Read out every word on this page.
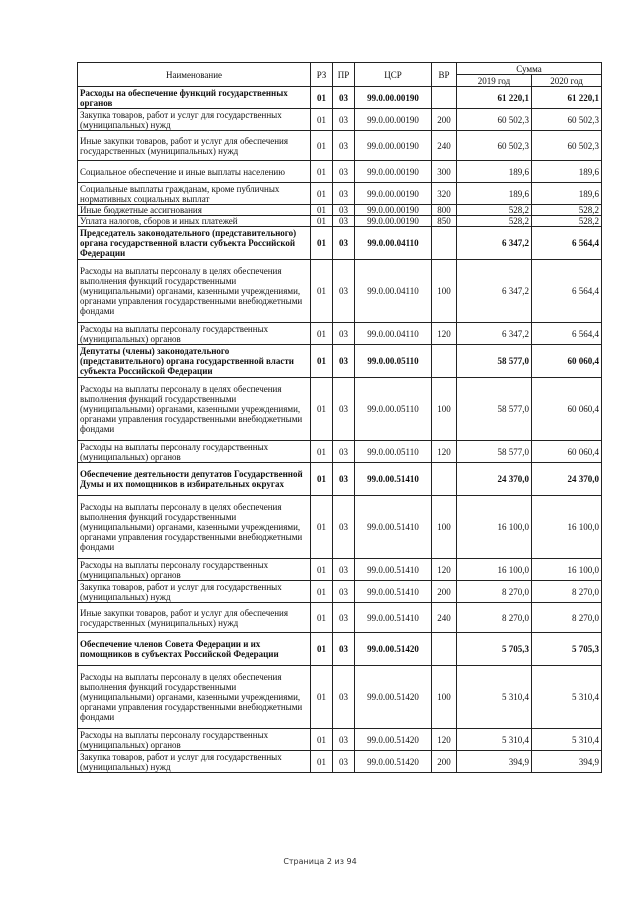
Наименование	РЗ	ПР	ЦСР	ВР	Сумма	
					2019 год	2020 год
Расходы на обеспечение функций государственных органов	01	03	99.0.00.00190		61 220,1	61 220,1
Закупка товаров, работ и услуг для государственных (муниципальных) нужд	01	03	99.0.00.00190	200	60 502,3	60 502,3
Иные закупки товаров, работ и услуг для обеспечения государственных (муниципальных) нужд	01	03	99.0.00.00190	240	60 502,3	60 502,3
Социальное обеспечение и иные выплаты населению	01	03	99.0.00.00190	300	189,6	189,6
Социальные выплаты гражданам, кроме публичных нормативных социальных выплат	01	03	99.0.00.00190	320	189,6	189,6
Иные бюджетные ассигнования	01	03	99.0.00.00190	800	528,2	528,2
Уплата налогов, сборов и иных платежей	01	03	99.0.00.00190	850	528,2	528,2
Председатель законодательного (представительного) органа государственной власти субъекта Российской Федерации	01	03	99.0.00.04110		6 347,2	6 564,4
Расходы на выплаты персоналу в целях обеспечения выполнения функций государственными (муниципальными) органами, казенными учреждениями, органами управления государственными внебюджетными фондами	01	03	99.0.00.04110	100	6 347,2	6 564,4
Расходы на выплаты персоналу государственных (муниципальных) органов	01	03	99.0.00.04110	120	6 347,2	6 564,4
Депутаты (члены) законодательного (представительного) органа государственной власти субъекта Российской Федерации	01	03	99.0.00.05110		58 577,0	60 060,4
Расходы на выплаты персоналу в целях обеспечения выполнения функций государственными (муниципальными) органами, казенными учреждениями, органами управления государственными внебюджетными фондами	01	03	99.0.00.05110	100	58 577,0	60 060,4
Расходы на выплаты персоналу государственных (муниципальных) органов	01	03	99.0.00.05110	120	58 577,0	60 060,4
Обеспечение деятельности депутатов Государственной Думы и их помощников в избирательных округах	01	03	99.0.00.51410		24 370,0	24 370,0
Расходы на выплаты персоналу в целях обеспечения выполнения функций государственными (муниципальными) органами, казенными учреждениями, органами управления государственными внебюджетными фондами	01	03	99.0.00.51410	100	16 100,0	16 100,0
Расходы на выплаты персоналу государственных (муниципальных) органов	01	03	99.0.00.51410	120	16 100,0	16 100,0
Закупка товаров, работ и услуг для государственных (муниципальных) нужд	01	03	99.0.00.51410	200	8 270,0	8 270,0
Иные закупки товаров, работ и услуг для обеспечения государственных (муниципальных) нужд	01	03	99.0.00.51410	240	8 270,0	8 270,0
Обеспечение членов Совета Федерации и их помощников в субъектах Российской Федерации	01	03	99.0.00.51420		5 705,3	5 705,3
Расходы на выплаты персоналу в целях обеспечения выполнения функций государственными (муниципальными) органами, казенными учреждениями, органами управления государственными внебюджетными фондами	01	03	99.0.00.51420	100	5 310,4	5 310,4
Расходы на выплаты персоналу государственных (муниципальных) органов	01	03	99.0.00.51420	120	5 310,4	5 310,4
Закупка товаров, работ и услуг для государственных (муниципальных) нужд	01	03	99.0.00.51420	200	394,9	394,9
Страница 2 из 94
